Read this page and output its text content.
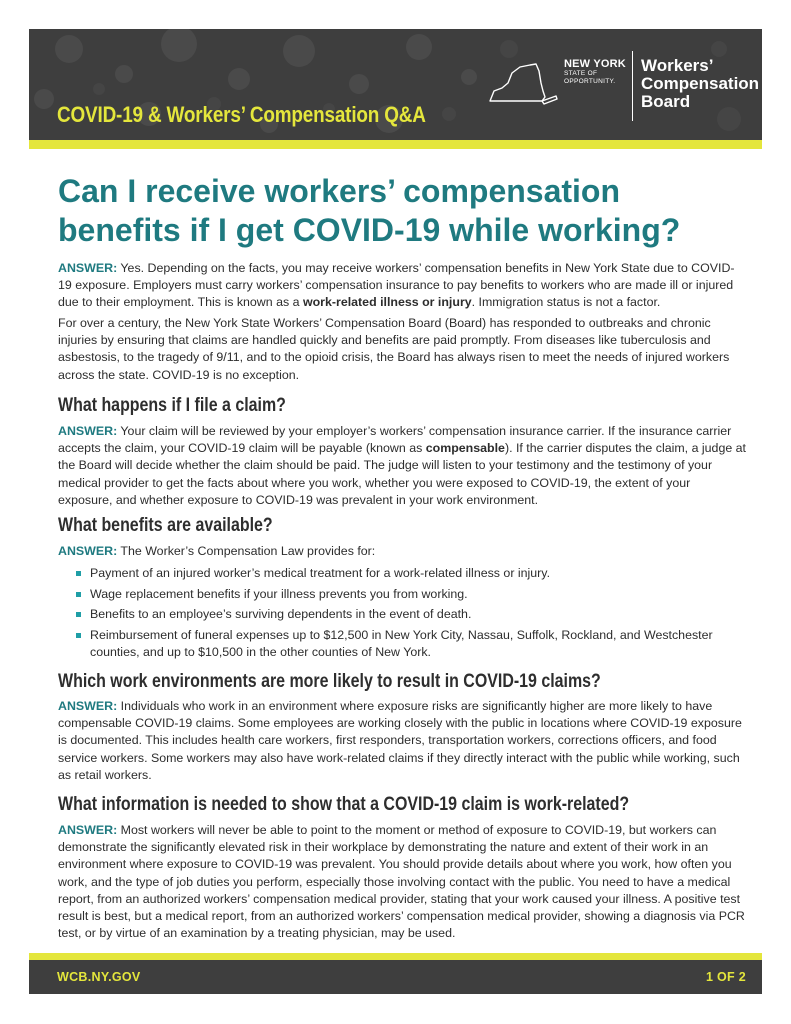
COVID-19 & Workers’ Compensation Q&A
NEW YORK
STATE OF
OPPORTUNITY.
Workers’
Compensation
Board
Can I receive workers’ compensation benefits if I get COVID-19 while working?

ANSWER: Yes. Depending on the facts, you may receive workers’ compensation benefits in New York State due to COVID-19 exposure. Employers must carry workers’ compensation insurance to pay benefits to workers who are made ill or injured due to their employment. This is known as a work-related illness or injury. Immigration status is not a factor.

For over a century, the New York State Workers’ Compensation Board (Board) has responded to outbreaks and chronic injuries by ensuring that claims are handled quickly and benefits are paid promptly. From diseases like tuberculosis and asbestosis, to the tragedy of 9/11, and to the opioid crisis, the Board has always risen to meet the needs of injured workers across the state. COVID-19 is no exception.

What happens if I file a claim?

ANSWER: Your claim will be reviewed by your employer’s workers’ compensation insurance carrier. If the insurance carrier accepts the claim, your COVID-19 claim will be payable (known as compensable). If the carrier disputes the claim, a judge at the Board will decide whether the claim should be paid. The judge will listen to your testimony and the testimony of your medical provider to get the facts about where you work, whether you were exposed to COVID-19, the extent of your exposure, and whether exposure to COVID-19 was prevalent in your work environment.

What benefits are available?

ANSWER: The Worker’s Compensation Law provides for:

Payment of an injured worker’s medical treatment for a work-related illness or injury.
Wage replacement benefits if your illness prevents you from working.
Benefits to an employee’s surviving dependents in the event of death.
Reimbursement of funeral expenses up to $12,500 in New York City, Nassau, Suffolk, Rockland, and Westchester counties, and up to $10,500 in the other counties of New York.
Which work environments are more likely to result in COVID-19 claims?

ANSWER: Individuals who work in an environment where exposure risks are significantly higher are more likely to have compensable COVID-19 claims. Some employees are working closely with the public in locations where COVID-19 exposure is documented. This includes health care workers, first responders, transportation workers, corrections officers, and food service workers. Some workers may also have work-related claims if they directly interact with the public while working, such as retail workers.

What information is needed to show that a COVID-19 claim is work-related?

ANSWER: Most workers will never be able to point to the moment or method of exposure to COVID-19, but workers can demonstrate the significantly elevated risk in their workplace by demonstrating the nature and extent of their work in an environment where exposure to COVID-19 was prevalent. You should provide details about where you work, how often you work, and the type of job duties you perform, especially those involving contact with the public. You need to have a medical report, from an authorized workers’ compensation medical provider, stating that your work caused your illness. A positive test result is best, but a medical report, from an authorized workers’ compensation medical provider, showing a diagnosis via PCR test, or by virtue of an examination by a treating physician, may be used.

WCB.NY.GOV	1 OF 2
